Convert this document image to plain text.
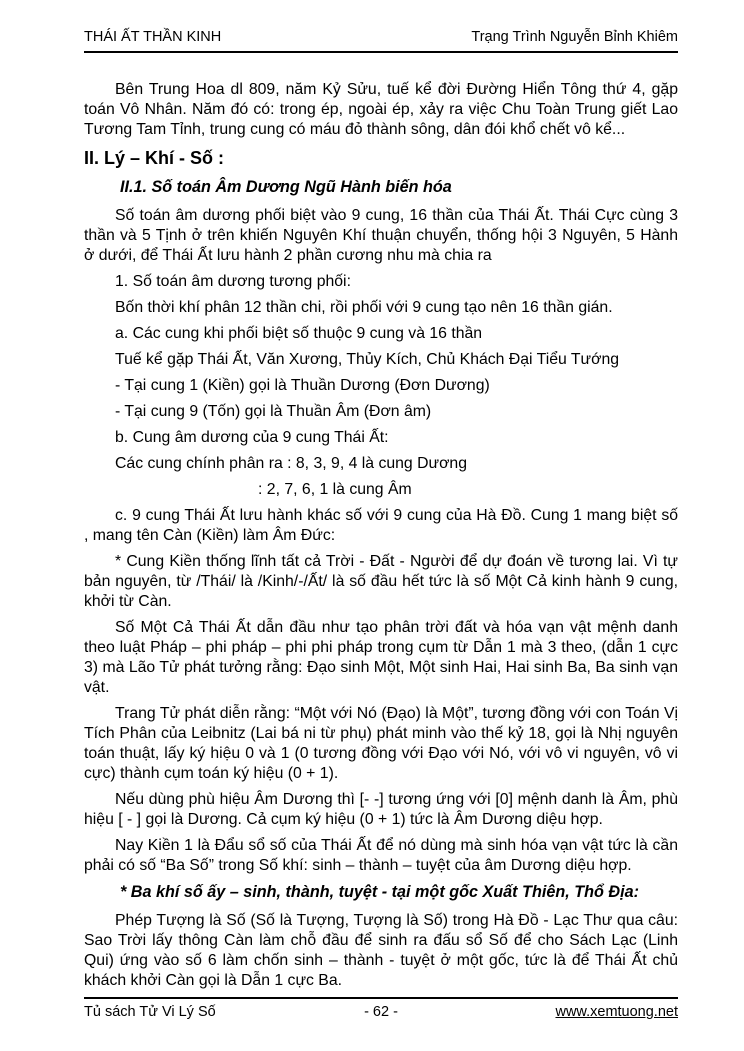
THÁI ẤT THẦN KINH	Trạng Trình Nguyễn Bỉnh Khiêm
Bên Trung Hoa dl 809, năm Kỷ Sửu, tuế kể đời Đường Hiển Tông thứ 4, gặp toán Vô Nhân. Năm đó có: trong ép, ngoài ép, xảy ra việc Chu Toàn Trung giết Lao Tương Tam Tỉnh, trung cung có máu đỏ thành sông, dân đói khổ chết vô kể...
II. Lý – Khí - Số :
II.1. Số toán Âm Dương Ngũ Hành biến hóa
Số toán âm dương phối biệt vào 9 cung, 16 thần của Thái Ất. Thái Cực cùng 3 thần và 5 Tịnh ở trên khiến Nguyên Khí thuận chuyển, thống hội 3 Nguyên, 5 Hành ở dưới, để Thái Ất lưu hành 2 phần cương nhu mà chia ra
1. Số toán âm dương tương phối:
Bốn thời khí phân 12 thần chi, rồi phối với 9 cung tạo nên 16 thần gián.
a. Các cung khi phối biệt số thuộc 9 cung và 16 thần
Tuế kể gặp Thái Ất, Văn Xương, Thủy Kích, Chủ Khách Đại Tiểu Tướng
- Tại cung 1 (Kiền) gọi là Thuần Dương (Đơn Dương)
- Tại cung 9 (Tốn) gọi là Thuần Âm (Đơn âm)
b. Cung âm dương của 9 cung Thái Ất:
Các cung chính phân ra : 8, 3, 9, 4 là cung Dương
: 2, 7, 6, 1 là cung Âm
c. 9 cung Thái Ất lưu hành khác số với 9 cung của Hà Đồ. Cung 1 mang biệt số , mang tên Càn (Kiền) làm Âm Đức:
* Cung Kiền thống lĩnh tất cả Trời - Đất - Người để dự đoán về tương lai. Vì tự bản nguyên, từ /Thái/ là /Kinh/-/Ất/ là số đầu hết tức là số Một Cả kinh hành 9 cung, khởi từ Càn.
Số Một Cả Thái Ất dẫn đầu như tạo phân trời đất và hóa vạn vật mệnh danh theo luật Pháp – phi pháp – phi phi pháp trong cụm từ Dẫn 1 mà 3 theo, (dẫn 1 cực 3) mà Lão Tử phát tưởng rằng: Đạo sinh Một, Một sinh Hai, Hai sinh Ba, Ba sinh vạn vật.
Trang Tử phát diễn rằng: “Một với Nó (Đạo) là Một”, tương đồng với con Toán Vị Tích Phân của Leibnitz (Lai bá ni từ phụ) phát minh vào thế kỷ 18, gọi là Nhị nguyên toán thuật, lấy ký hiệu 0 và 1 (0 tương đồng với Đạo với Nó, với vô vi nguyên, vô vi cực) thành cụm toán ký hiệu (0 + 1).
Nếu dùng phù hiệu Âm Dương thì [- -] tương ứng với [0] mệnh danh là Âm, phù hiệu [ - ] gọi là Dương. Cả cụm ký hiệu (0 + 1) tức là Âm Dương diệu hợp.
Nay Kiền 1 là Đẩu sổ số của Thái Ất để nó dùng mà sinh hóa vạn vật tức là cần phải có số “Ba Số” trong Số khí: sinh – thành – tuyệt của âm Dương diệu hợp.
* Ba khí số ấy – sinh, thành, tuyệt - tại một gốc Xuất Thiên, Thổ Địa:
Phép Tượng là Số (Số là Tượng, Tượng là Số) trong Hà Đồ - Lạc Thư qua câu: Sao Trời lấy thông Càn làm chỗ đầu để sinh ra đấu sổ Số để cho Sách Lạc (Linh Qui) ứng vào số 6 làm chốn sinh – thành - tuyệt ở một gốc, tức là để Thái Ất chủ khách khởi Càn gọi là Dẫn 1 cực Ba.
Tủ sách Tử Vi Lý Số	- 62 -	www.xemtuong.net
